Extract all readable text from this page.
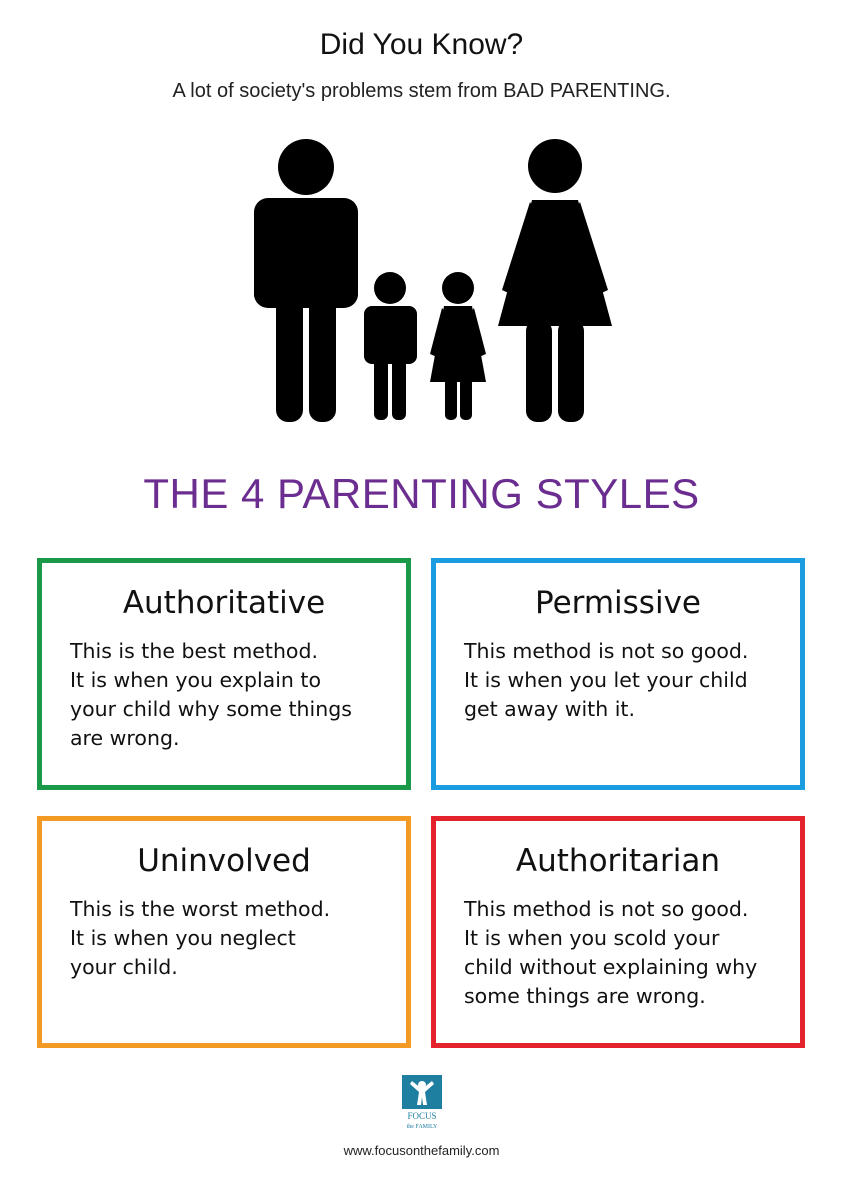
Did You Know?
A lot of society's problems stem from BAD PARENTING.
THE 4 PARENTING STYLES
Authoritative
This is the best method.
It is when you explain to
your child why some things
are wrong.
Permissive
This method is not so good.
It is when you let your child
get away with it.
Uninvolved
This is the worst method.
It is when you neglect
your child.
Authoritarian
This method is not so good.
It is when you scold your
child without explaining why
some things are wrong.
FOCUS
the FAMILY
www.focusonthefamily.com
